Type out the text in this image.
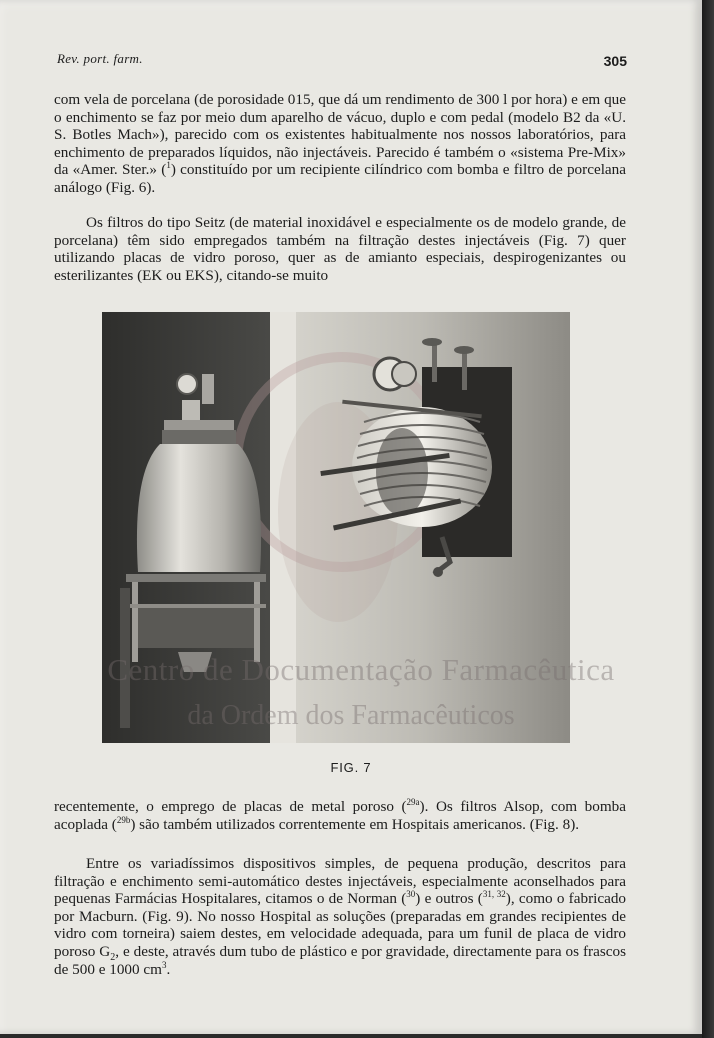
Rev. port. farm.	305

com vela de porcelana (de porosidade 015, que dá um rendimento de 300 l por hora) e em que o enchimento se faz por meio dum aparelho de vácuo, duplo e com pedal (modelo B2 da «U. S. Botles Mach»), parecido com os existentes habitualmente nos nossos laboratórios, para enchimento de preparados líquidos, não injectáveis. Parecido é também o «sistema Pre-Mix» da «Amer. Ster.» ($^1$) constituído por um recipiente cilíndrico com bomba e filtro de porcelana análogo (Fig. 6).

Os filtros do tipo Seitz (de material inoxidável e especialmente os de modelo grande, de porcelana) têm sido empregados também na filtração destes injectáveis (Fig. 7) quer utilizando placas de vidro poroso, quer as de amianto especiais, despirogenizantes ou esterilizantes (EK ou EKS), citando-se muito

FIG. 7

recentemente, o emprego de placas de metal poroso ($^{29a}$). Os filtros Alsop, com bomba acoplada ($^{29b}$) são também utilizados correntemente em Hospitais americanos. (Fig. 8).

Entre os variadíssimos dispositivos simples, de pequena produção, descritos para filtração e enchimento semi-automático destes injectáveis, especialmente aconselhados para pequenas Farmácias Hospitalares, citamos o de Norman ($^{30}$) e outros ($^{31, 32}$), como o fabricado por Macburn. (Fig. 9). No nosso Hospital as soluções (preparadas em grandes recipientes de vidro com torneira) saiem destes, em velocidade adequada, para um funil de placa de vidro poroso $G_2$, e deste, através dum tubo de plástico e por gravidade, directamente para os frascos de 500 e 1000 $cm^3$.

Centro de Documentação Farmacêutica
da Ordem dos Farmacêuticos
